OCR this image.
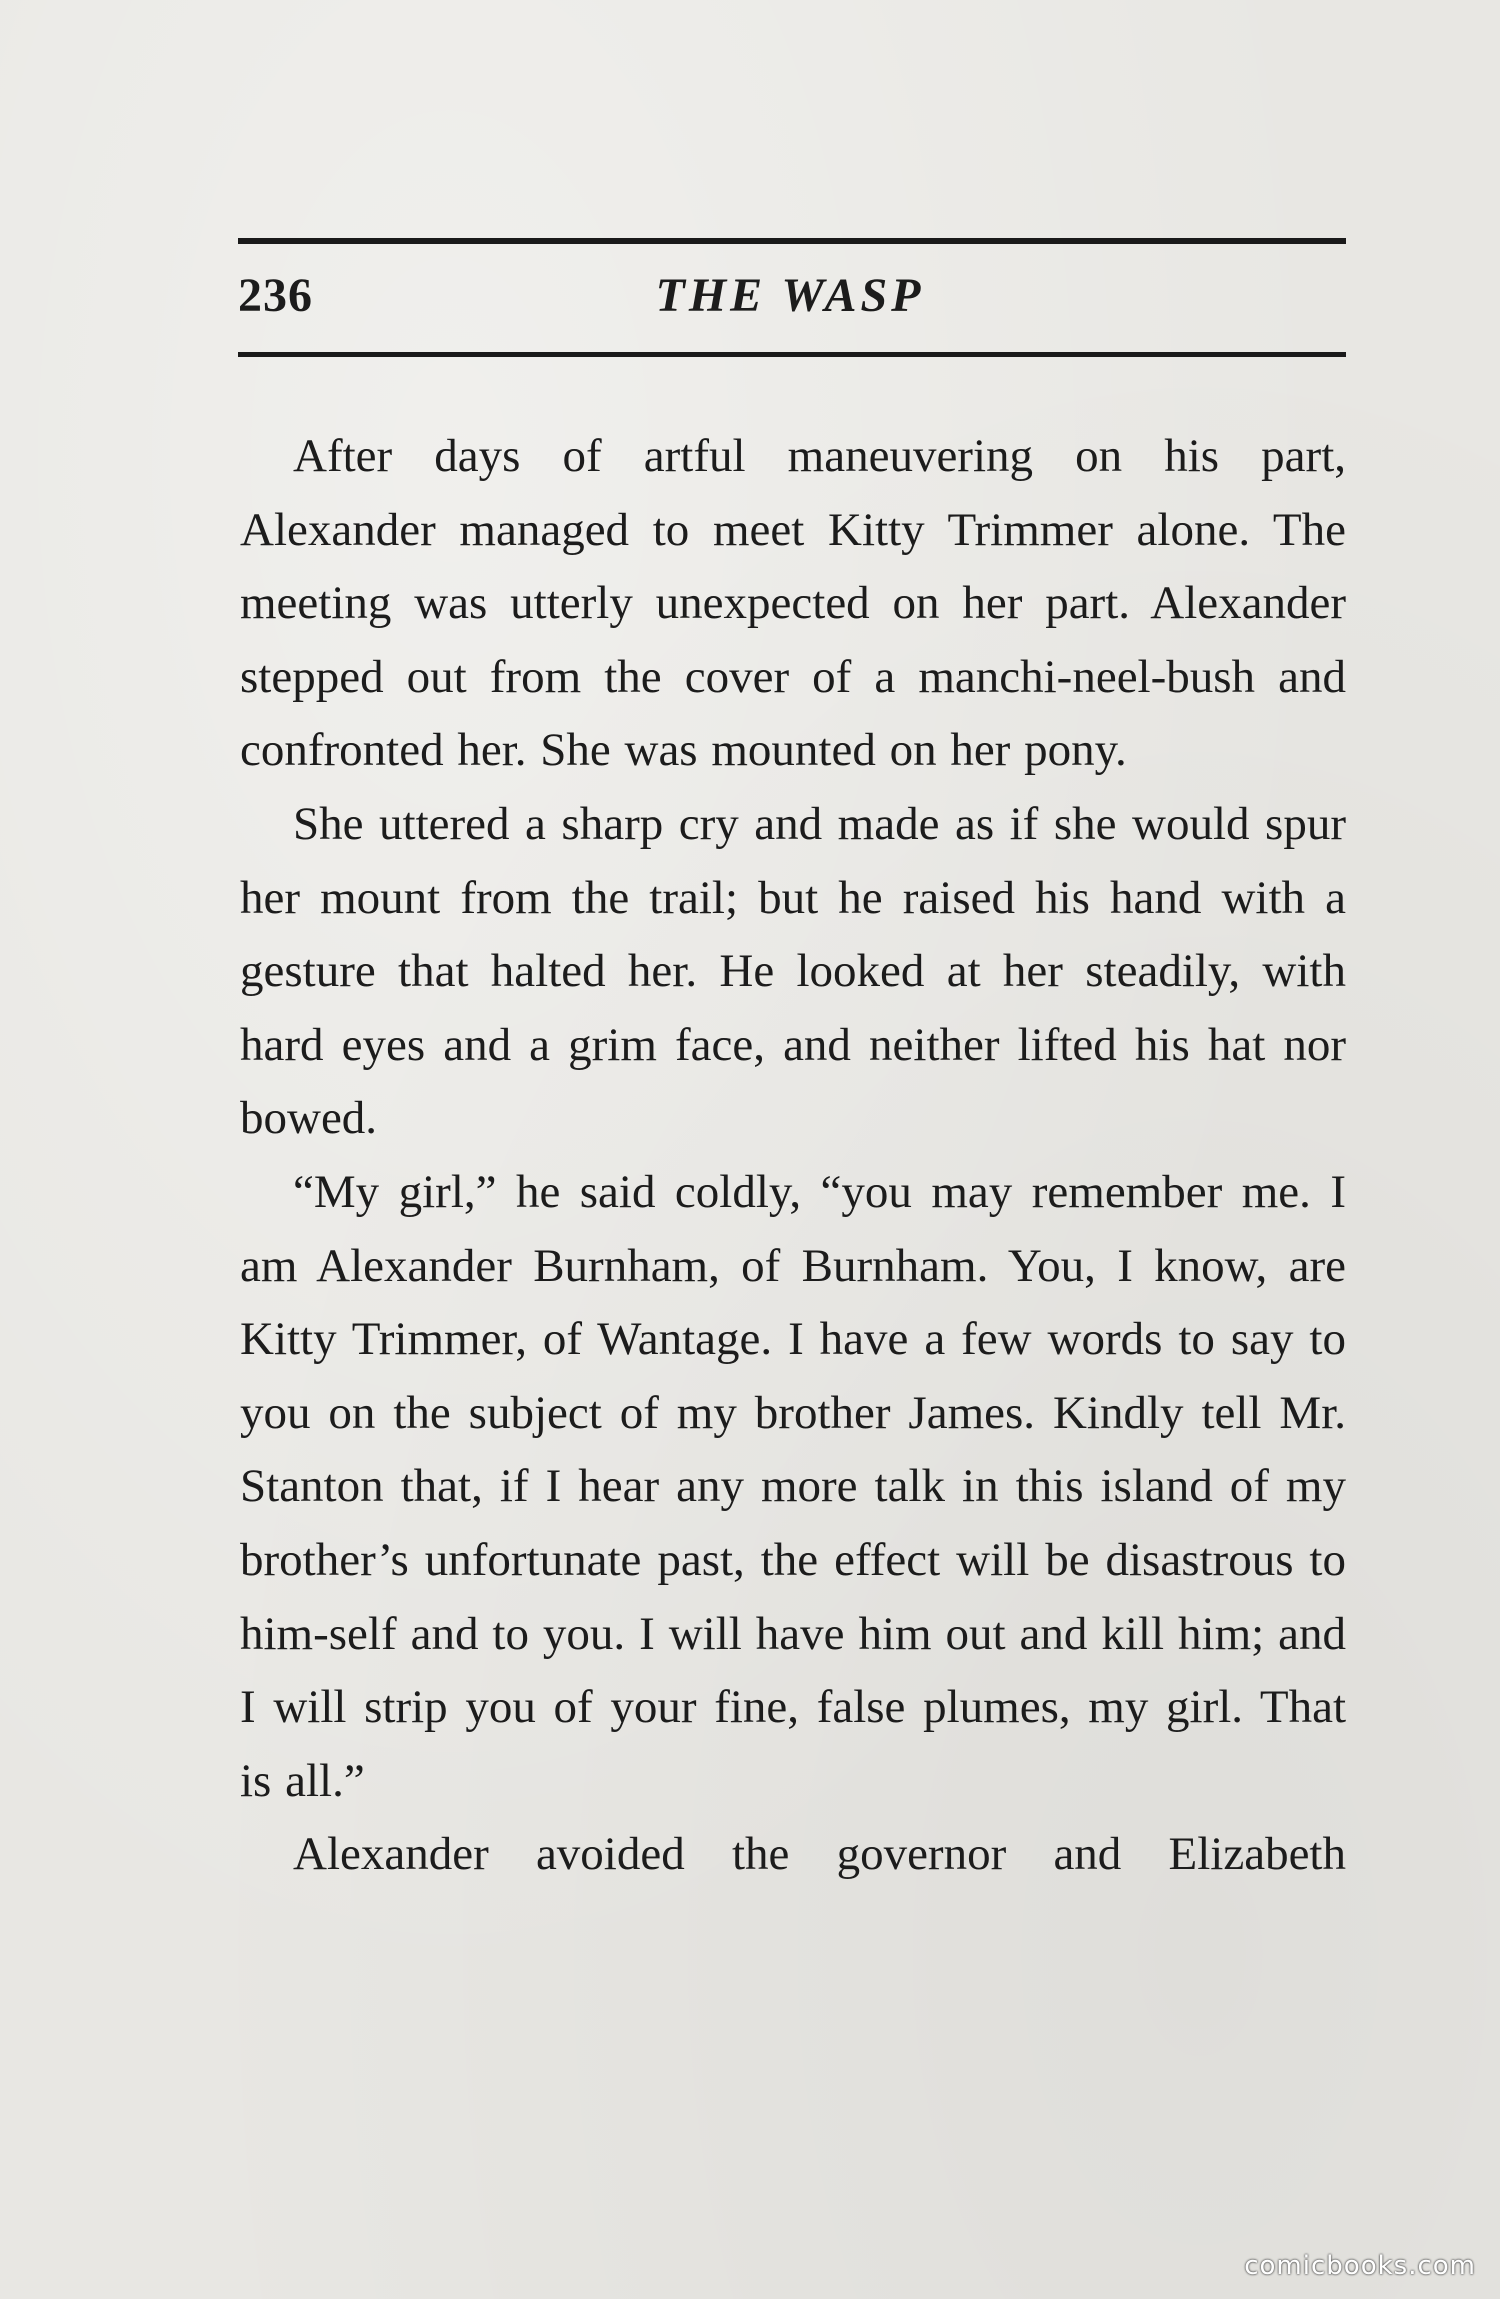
236	THE WASP

After days of artful maneuvering on his part, Alexander managed to meet Kitty Trimmer alone. The meeting was utterly unexpected on her part. Alexander stepped out from the cover of a manchi-neel-bush and confronted her. She was mounted on her pony.

She uttered a sharp cry and made as if she would spur her mount from the trail; but he raised his hand with a gesture that halted her. He looked at her steadily, with hard eyes and a grim face, and neither lifted his hat nor bowed.

“My girl,” he said coldly, “you may remember me. I am Alexander Burnham, of Burnham. You, I know, are Kitty Trimmer, of Wantage. I have a few words to say to you on the subject of my brother James. Kindly tell Mr. Stanton that, if I hear any more talk in this island of my brother’s unfortunate past, the effect will be disastrous to him-self and to you. I will have him out and kill him; and I will strip you of your fine, false plumes, my girl. That is all.”

Alexander avoided the governor and Elizabeth

comicbooks.com
